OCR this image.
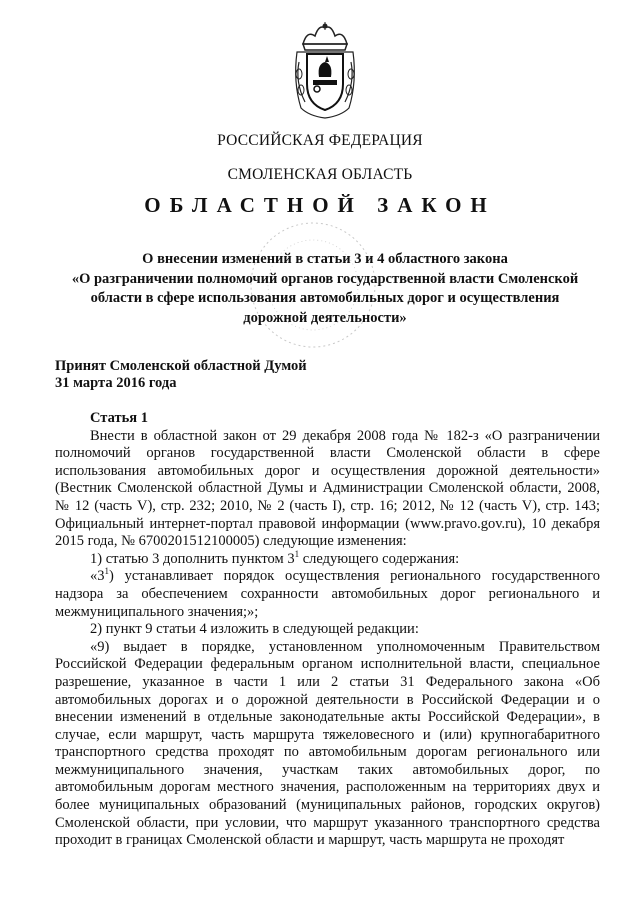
РОССИЙСКАЯ ФЕДЕРАЦИЯ
СМОЛЕНСКАЯ ОБЛАСТЬ
ОБЛАСТНОЙ ЗАКОН
О внесении изменений в статьи 3 и 4 областного закона
«О разграничении полномочий органов государственной власти Смоленской
области в сфере использования автомобильных дорог и осуществления
дорожной деятельности»
Принят Смоленской областной Думой
31 марта 2016 года

Статья 1

Внести в областной закон от 29 декабря 2008 года № 182-з «О разграничении полномочий органов государственной власти Смоленской области в сфере использования автомобильных дорог и осуществления дорожной деятельности» (Вестник Смоленской областной Думы и Администрации Смоленской области, 2008, № 12 (часть V), стр. 232; 2010, № 2 (часть I), стр. 16; 2012, № 12 (часть V), стр. 143; Официальный интернет-портал правовой информации (www.pravo.gov.ru), 10 декабря 2015 года, № 6700201512100005) следующие изменения:

1) статью 3 дополнить пунктом $3^1$ следующего содержания:

«$3^1$) устанавливает порядок осуществления регионального государственного надзора за обеспечением сохранности автомобильных дорог регионального и межмуниципального значения;»;

2) пункт 9 статьи 4 изложить в следующей редакции:

«9) выдает в порядке, установленном уполномоченным Правительством Российской Федерации федеральным органом исполнительной власти, специальное разрешение, указанное в части 1 или 2 статьи 31 Федерального закона «Об автомобильных дорогах и о дорожной деятельности в Российской Федерации и о внесении изменений в отдельные законодательные акты Российской Федерации», в случае, если маршрут, часть маршрута тяжеловесного и (или) крупногабаритного транспортного средства проходят по автомобильным дорогам регионального или межмуниципального значения, участкам таких автомобильных дорог, по автомобильным дорогам местного значения, расположенным на территориях двух и более муниципальных образований (муниципальных районов, городских округов) Смоленской области, при условии, что маршрут указанного транспортного средства проходит в границах Смоленской области и маршрут, часть маршрута не проходят
